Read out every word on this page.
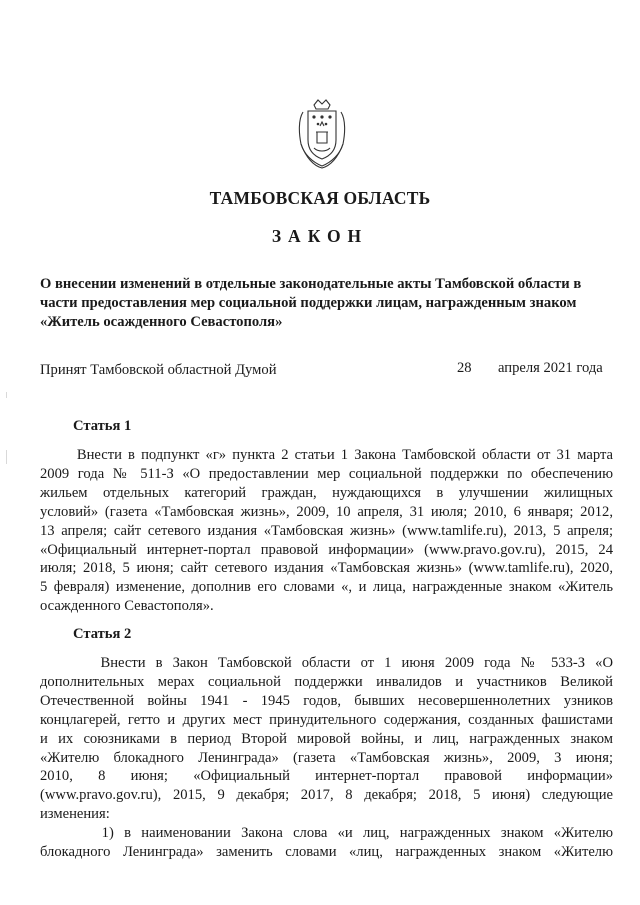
ТАМБОВСКАЯ ОБЛАСТЬ
ЗАКОН
О внесении изменений в отдельные законодательные акты Тамбовской области в
части предоставления мер социальной поддержки лицам, награжденным знаком
«Житель осажденного Севастополя»
Принят Тамбовской областной Думой	28 апреля 2021 года
Статья 1
Внести в подпункт «г» пункта 2 статьи 1 Закона Тамбовской области от 31 марта
2009 года № 511-З «О предоставлении мер социальной поддержки по обеспечению
жильем отдельных категорий граждан, нуждающихся в улучшении жилищных
условий» (газета «Тамбовская жизнь», 2009, 10 апреля, 31 июля; 2010, 6 января; 2012,
13 апреля; сайт сетевого издания «Тамбовская жизнь» (www.tamlife.ru), 2013, 5 апреля;
«Официальный интернет-портал правовой информации» (www.pravo.gov.ru), 2015, 24
июля; 2018, 5 июня; сайт сетевого издания «Тамбовская жизнь» (www.tamlife.ru), 2020,
5 февраля) изменение, дополнив его словами «, и лица, награжденные знаком «Житель
осажденного Севастополя».
Статья 2
Внести в Закон Тамбовской области от 1 июня 2009 года № 533-З «О
дополнительных мерах социальной поддержки инвалидов и участников Великой
Отечественной войны 1941 - 1945 годов, бывших несовершеннолетних узников
концлагерей, гетто и других мест принудительного содержания, созданных фашистами
и их союзниками в период Второй мировой войны, и лиц, награжденных знаком
«Жителю блокадного Ленинграда» (газета «Тамбовская жизнь», 2009, 3 июня;
2010, 8 июня; «Официальный интернет-портал правовой информации»
(www.pravo.gov.ru), 2015, 9 декабря; 2017, 8 декабря; 2018, 5 июня) следующие
изменения:
1) в наименовании Закона слова «и лиц, награжденных знаком «Жителю
блокадного Ленинграда» заменить словами «лиц, награжденных знаком «Жителю
